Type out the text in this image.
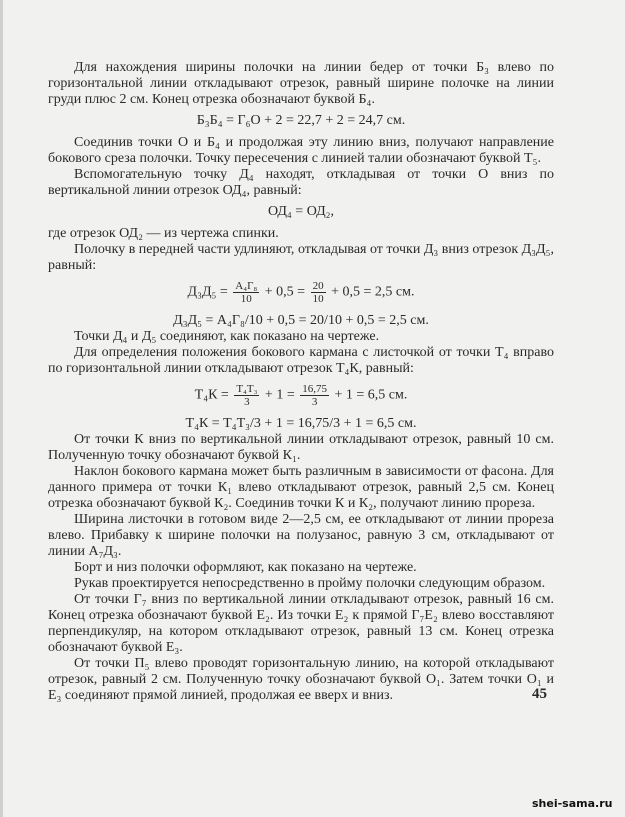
Для нахождения ширины полочки на линии бедер от точки Б₃ влево по горизонтальной линии откладывают отрезок, равный ширине полочке на линии груди плюс 2 см. Конец отрезка обозначают буквой Б₄.

Б₃Б₄ = Г₆О + 2 = 22,7 + 2 = 24,7 см.

Соединив точки О и Б₄ и продолжая эту линию вниз, получают направление бокового среза полочки. Точку пересечения с линией талии обозначают буквой Т₅.

Вспомогательную точку Д₄ находят, откладывая от точки О вниз по вертикальной линии отрезок ОД₄, равный:

ОД₄ = ОД₂,

где отрезок ОД₂ — из чертежа спинки.

Полочку в передней части удлиняют, откладывая от точки Д₃ вниз отрезок Д₃Д₅, равный:

$Д_3Д_5 = \frac{\text{А₄Г₈}}{10} + 0,5 = \frac{20}{10} + 0,5 = 2,5$ см.
Д₃Д₅ = А₄Г₈/10 + 0,5 = 20/10 + 0,5 = 2,5 см.

Точки Д₄ и Д₅ соединяют, как показано на чертеже.

Для определения положения бокового кармана с листочкой от точки Т₄ вправо по горизонтальной линии откладывают отрезок Т₄К, равный:

$Т_4К = \frac{\text{Т₄Т₃}}{3} + 1 = \frac{16,75}{3} + 1 = 6,5$ см.
Т₄К = Т₄Т₃/3 + 1 = 16,75/3 + 1 = 6,5 см.

От точки К вниз по вертикальной линии откладывают отрезок, равный 10 см. Полученную точку обозначают буквой К₁.

Наклон бокового кармана может быть различным в зависимости от фасона. Для данного примера от точки К₁ влево откладывают отрезок, равный 2,5 см. Конец отрезка обозначают буквой К₂. Соединив точки К и К₂, получают линию прореза.

Ширина листочки в готовом виде 2—2,5 см, ее откладывают от линии прореза влево. Прибавку к ширине полочки на полузанос, равную 3 см, откладывают от линии А₇Д₃.

Борт и низ полочки оформляют, как показано на чертеже.

Рукав проектируется непосредственно в пройму полочки следующим образом.

От точки Г₇ вниз по вертикальной линии откладывают отрезок, равный 16 см. Конец отрезка обозначают буквой Е₂. Из точки Е₂ к прямой Г₇Е₂ влево восставляют перпендикуляр, на котором откладывают отрезок, равный 13 см. Конец отрезка обозначают буквой Е₃.

От точки П₅ влево проводят горизонтальную линию, на которой откладывают отрезок, равный 2 см. Полученную точку обозначают буквой О₁. Затем точки О₁ и Е₃ соединяют прямой линией, продолжая ее вверх и вниз.	45
shei-sama.ru
